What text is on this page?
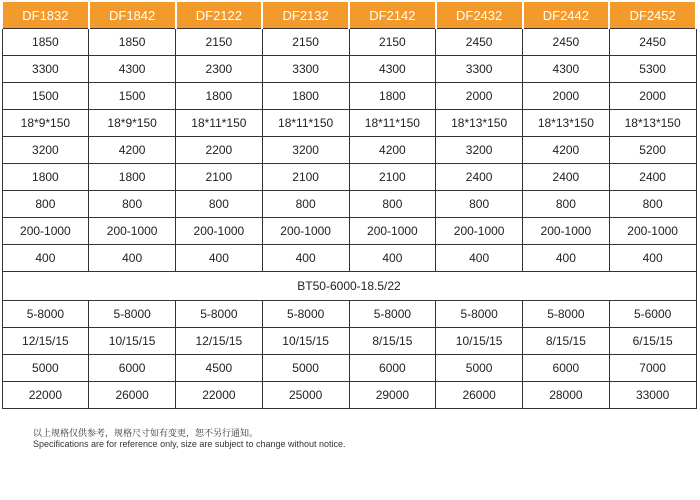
DF1832	DF1842	DF2122	DF2132	DF2142	DF2432	DF2442	DF2452
1850	1850	2150	2150	2150	2450	2450	2450
3300	4300	2300	3300	4300	3300	4300	5300
1500	1500	1800	1800	1800	2000	2000	2000
18*9*150	18*9*150	18*11*150	18*11*150	18*11*150	18*13*150	18*13*150	18*13*150
3200	4200	2200	3200	4200	3200	4200	5200
1800	1800	2100	2100	2100	2400	2400	2400
800	800	800	800	800	800	800	800
200-1000	200-1000	200-1000	200-1000	200-1000	200-1000	200-1000	200-1000
400	400	400	400	400	400	400	400
BT50-6000-18.5/22							
5-8000	5-8000	5-8000	5-8000	5-8000	5-8000	5-8000	5-6000
12/15/15	10/15/15	12/15/15	10/15/15	8/15/15	10/15/15	8/15/15	6/15/15
5000	6000	4500	5000	6000	5000	6000	7000
22000	26000	22000	25000	29000	26000	28000	33000
以上规格仅供参考，规格尺寸如有变更，恕不另行通知。
Specifications are for reference only, size are subject to change without notice.
